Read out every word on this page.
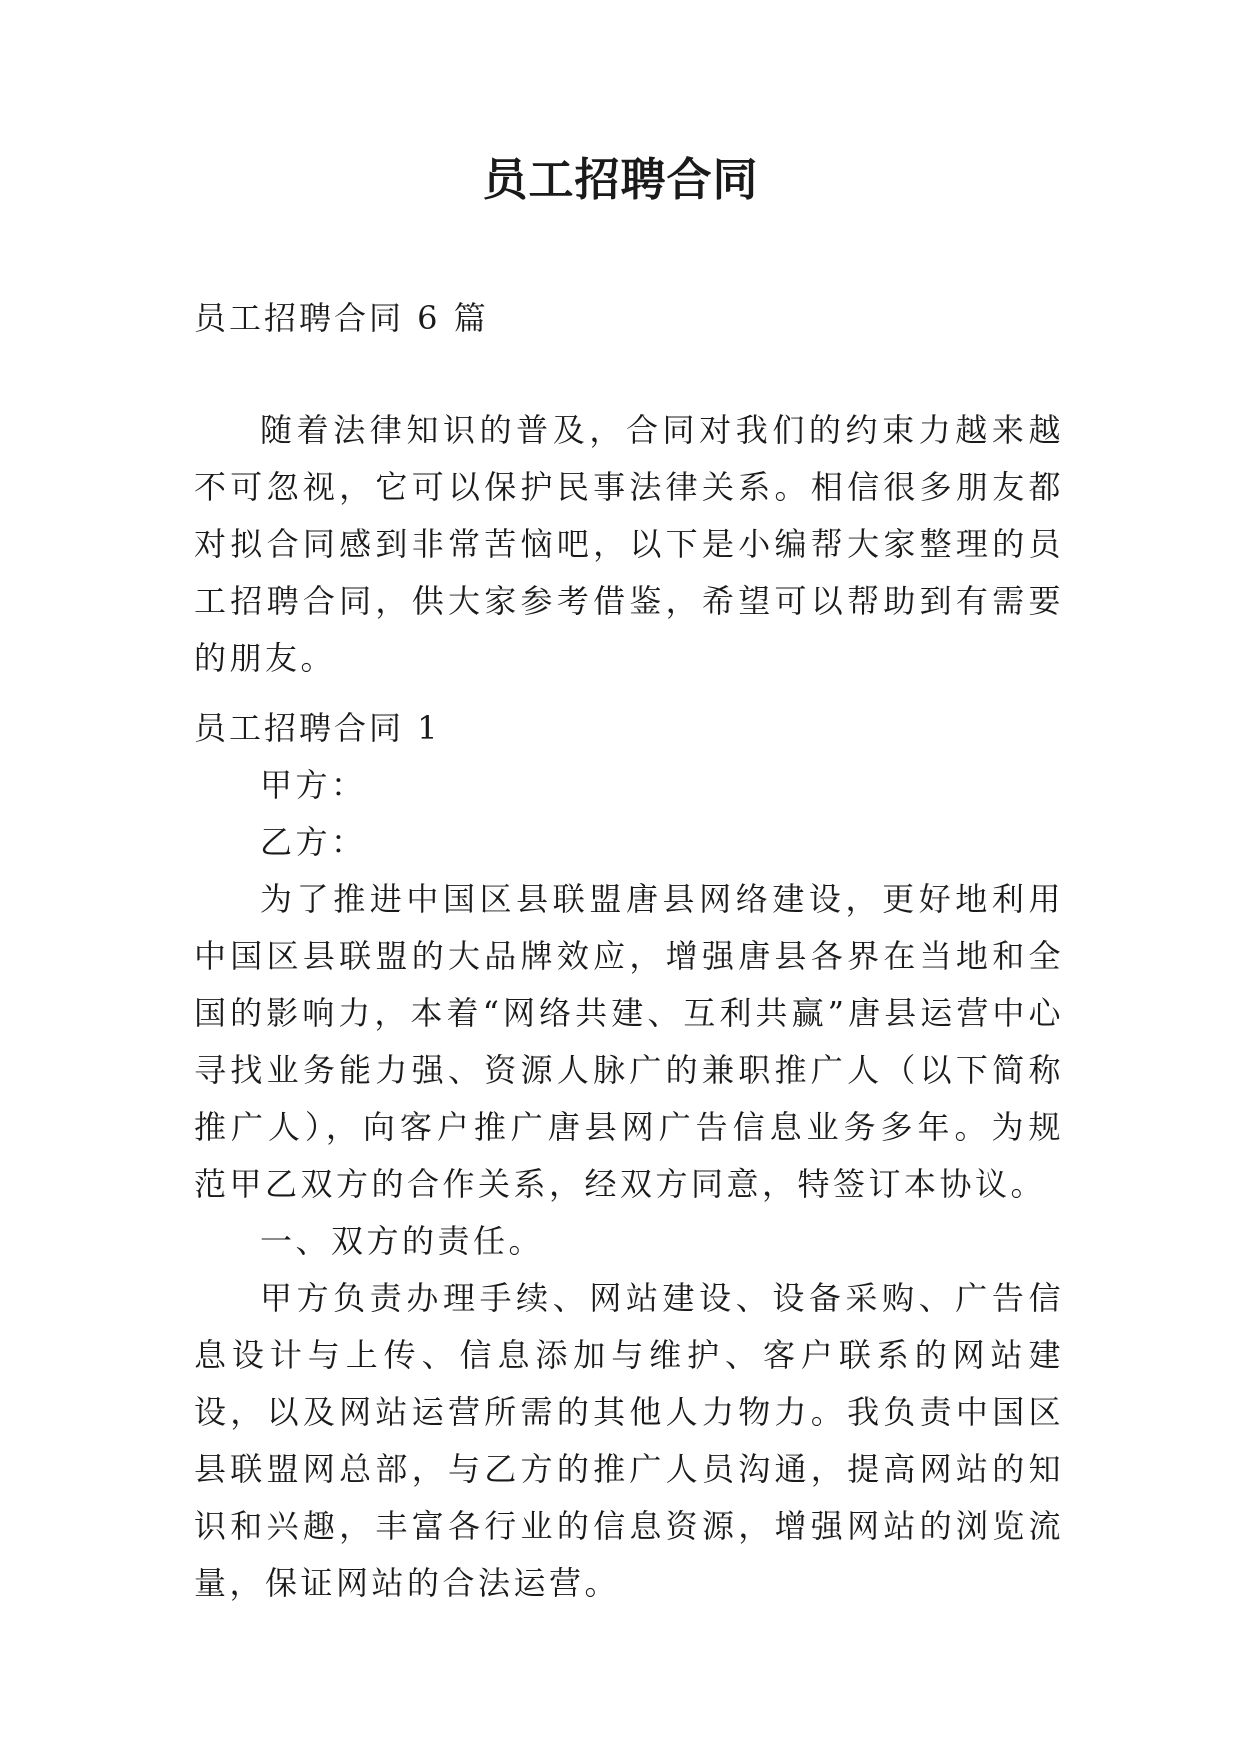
员工招聘合同
员工招聘合同 6 篇

随着法律知识的普及，合同对我们的约束力越来越不可忽视，它可以保护民事法律关系。相信很多朋友都对拟合同感到非常苦恼吧，以下是小编帮大家整理的员工招聘合同，供大家参考借鉴，希望可以帮助到有需要的朋友。

员工招聘合同 1

甲方：

乙方：

为了推进中国区县联盟唐县网络建设，更好地利用中国区县联盟的大品牌效应，增强唐县各界在当地和全国的影响力，本着“网络共建、互利共赢”唐县运营中心寻找业务能力强、资源人脉广的兼职推广人（以下简称推广人），向客户推广唐县网广告信息业务多年。为规范甲乙双方的合作关系，经双方同意，特签订本协议。

一、双方的责任。

甲方负责办理手续、网站建设、设备采购、广告信息设计与上传、信息添加与维护、客户联系的网站建设，以及网站运营所需的其他人力物力。我负责中国区县联盟网总部，与乙方的推广人员沟通，提高网站的知识和兴趣，丰富各行业的信息资源，增强网站的浏览流量，保证网站的合法运营。
